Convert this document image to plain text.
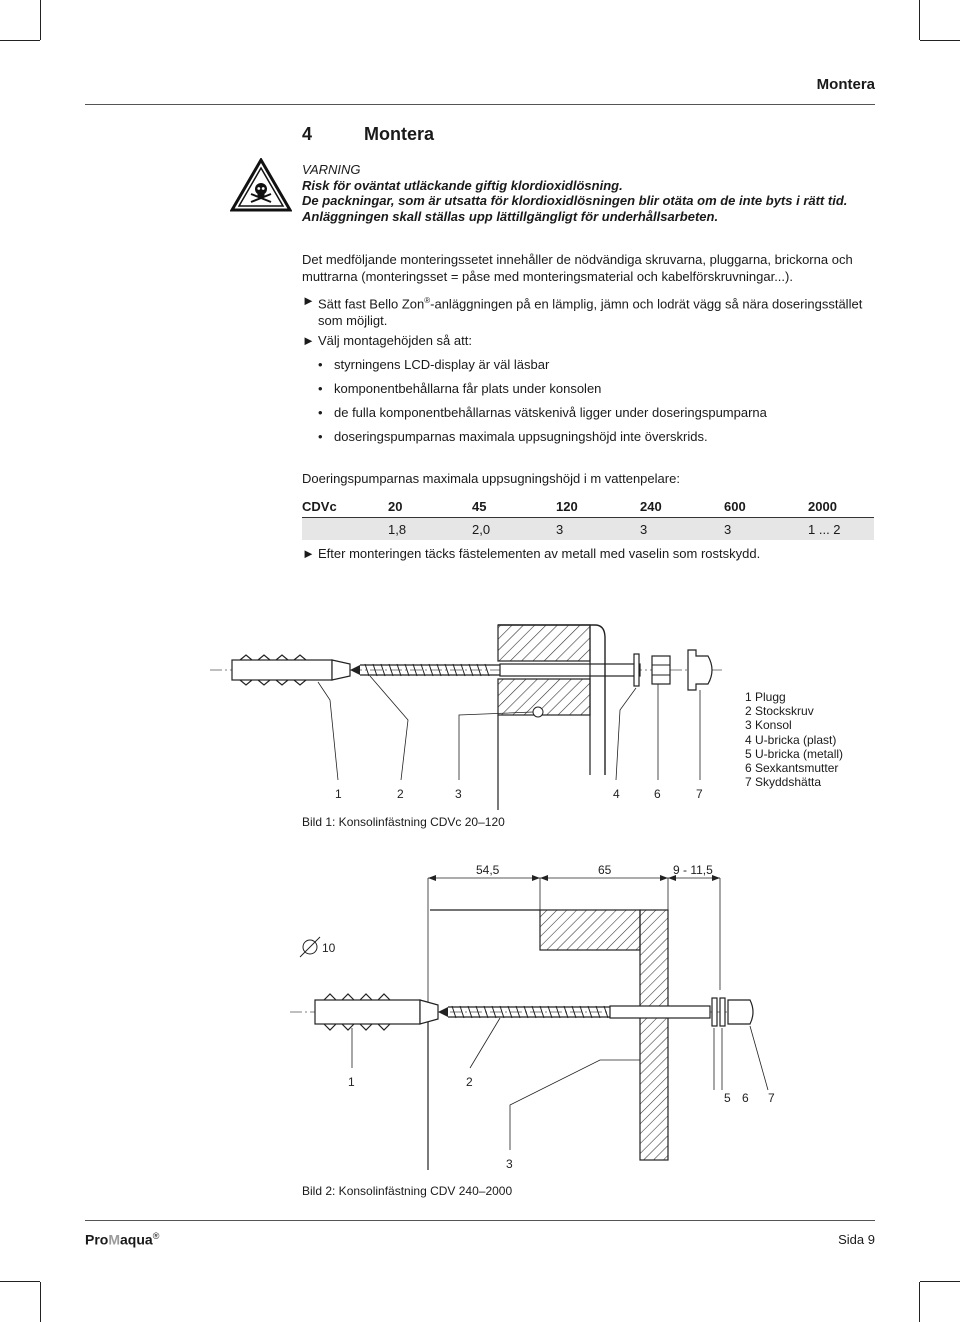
Montera
4	Montera
VARNING
Risk för oväntat utläckande giftig klordioxidlösning.
De packningar, som är utsatta för klordioxidlösningen blir otäta om de inte byts i rätt tid.
Anläggningen skall ställas upp lättillgängligt för underhållsarbeten.
Det medföljande monteringssetet innehåller de nödvändiga skruvarna, pluggarna, brickorna och muttrarna (monteringsset = påse med monteringsmaterial och kabelförskruvningar...).
► Sätt fast Bello Zon®-anläggningen på en lämplig, jämn och lodrät vägg så nära doseringsstället som möjligt.
► Välj montagehöjden så att:
• styrningens LCD-display är väl läsbar
• komponentbehållarna får plats under konsolen
• de fulla komponentbehållarnas vätskenivå ligger under doseringspumparna
• doseringspumparnas maximala uppsugningshöjd inte överskrids.
Doeringspumparnas maximala uppsugningshöjd i m vattenpelare:
CDVc	20	45	120	240	600	2000
	1,8	2,0	3	3	3	1 ... 2
► Efter monteringen täcks fästelementen av metall med vaselin som rostskydd.
1	2	3	4	6	7
1 Plugg
2 Stockskruv
3 Konsol
4 U-bricka (plast)
5 U-bricka (metall)
6 Sexkantsmutter
7 Skyddshätta
Bild 1: Konsolinfästning CDVc 20–120
54,5	65	9 - 11,5
10
1	2
3
5 6 7
Bild 2: Konsolinfästning CDV 240–2000
ProMaqua®	Sida 9
